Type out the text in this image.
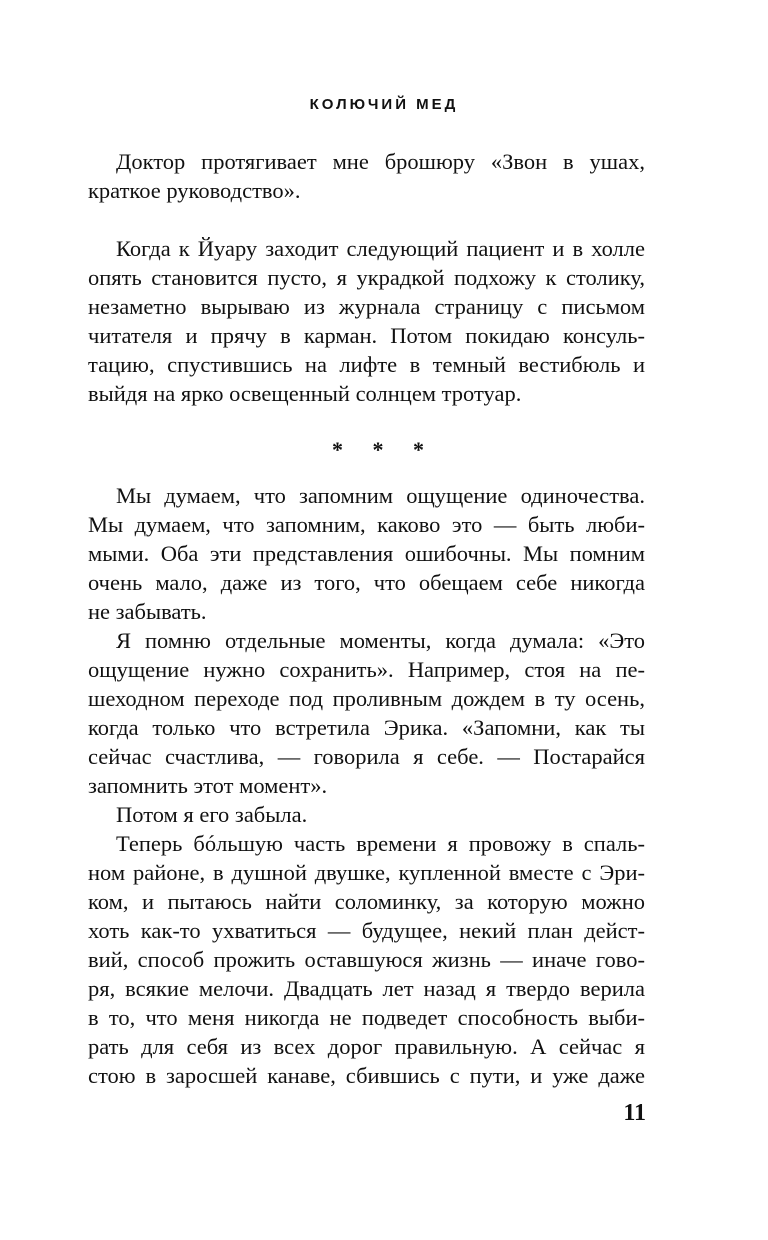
КОЛЮЧИЙ МЕД
Доктор протягивает мне брошюру «Звон в ушах,
краткое руководство».
Когда к Йуару заходит следующий пациент и в холле
опять становится пусто, я украдкой подхожу к столику,
незаметно вырываю из журнала страницу с письмом
читателя и прячу в карман. Потом покидаю консуль-
тацию, спустившись на лифте в темный вестибюль и
выйдя на ярко освещенный солнцем тротуар.
* * *
Мы думаем, что запомним ощущение одиночества.
Мы думаем, что запомним, каково это — быть люби-
мыми. Оба эти представления ошибочны. Мы помним
очень мало, даже из того, что обещаем себе никогда
не забывать.
Я помню отдельные моменты, когда думала: «Это
ощущение нужно сохранить». Например, стоя на пе-
шеходном переходе под проливным дождем в ту осень,
когда только что встретила Эрика. «Запомни, как ты
сейчас счастлива, — говорила я себе. — Постарайся
запомнить этот момент».
Потом я его забыла.
Теперь бóльшую часть времени я провожу в спаль-
ном районе, в душной двушке, купленной вместе с Эри-
ком, и пытаюсь найти соломинку, за которую можно
хоть как-то ухватиться — будущее, некий план дейст-
вий, способ прожить оставшуюся жизнь — иначе гово-
ря, всякие мелочи. Двадцать лет назад я твердо верила
в то, что меня никогда не подведет способность выби-
рать для себя из всех дорог правильную. А сейчас я
стою в заросшей канаве, сбившись с пути, и уже даже
11
